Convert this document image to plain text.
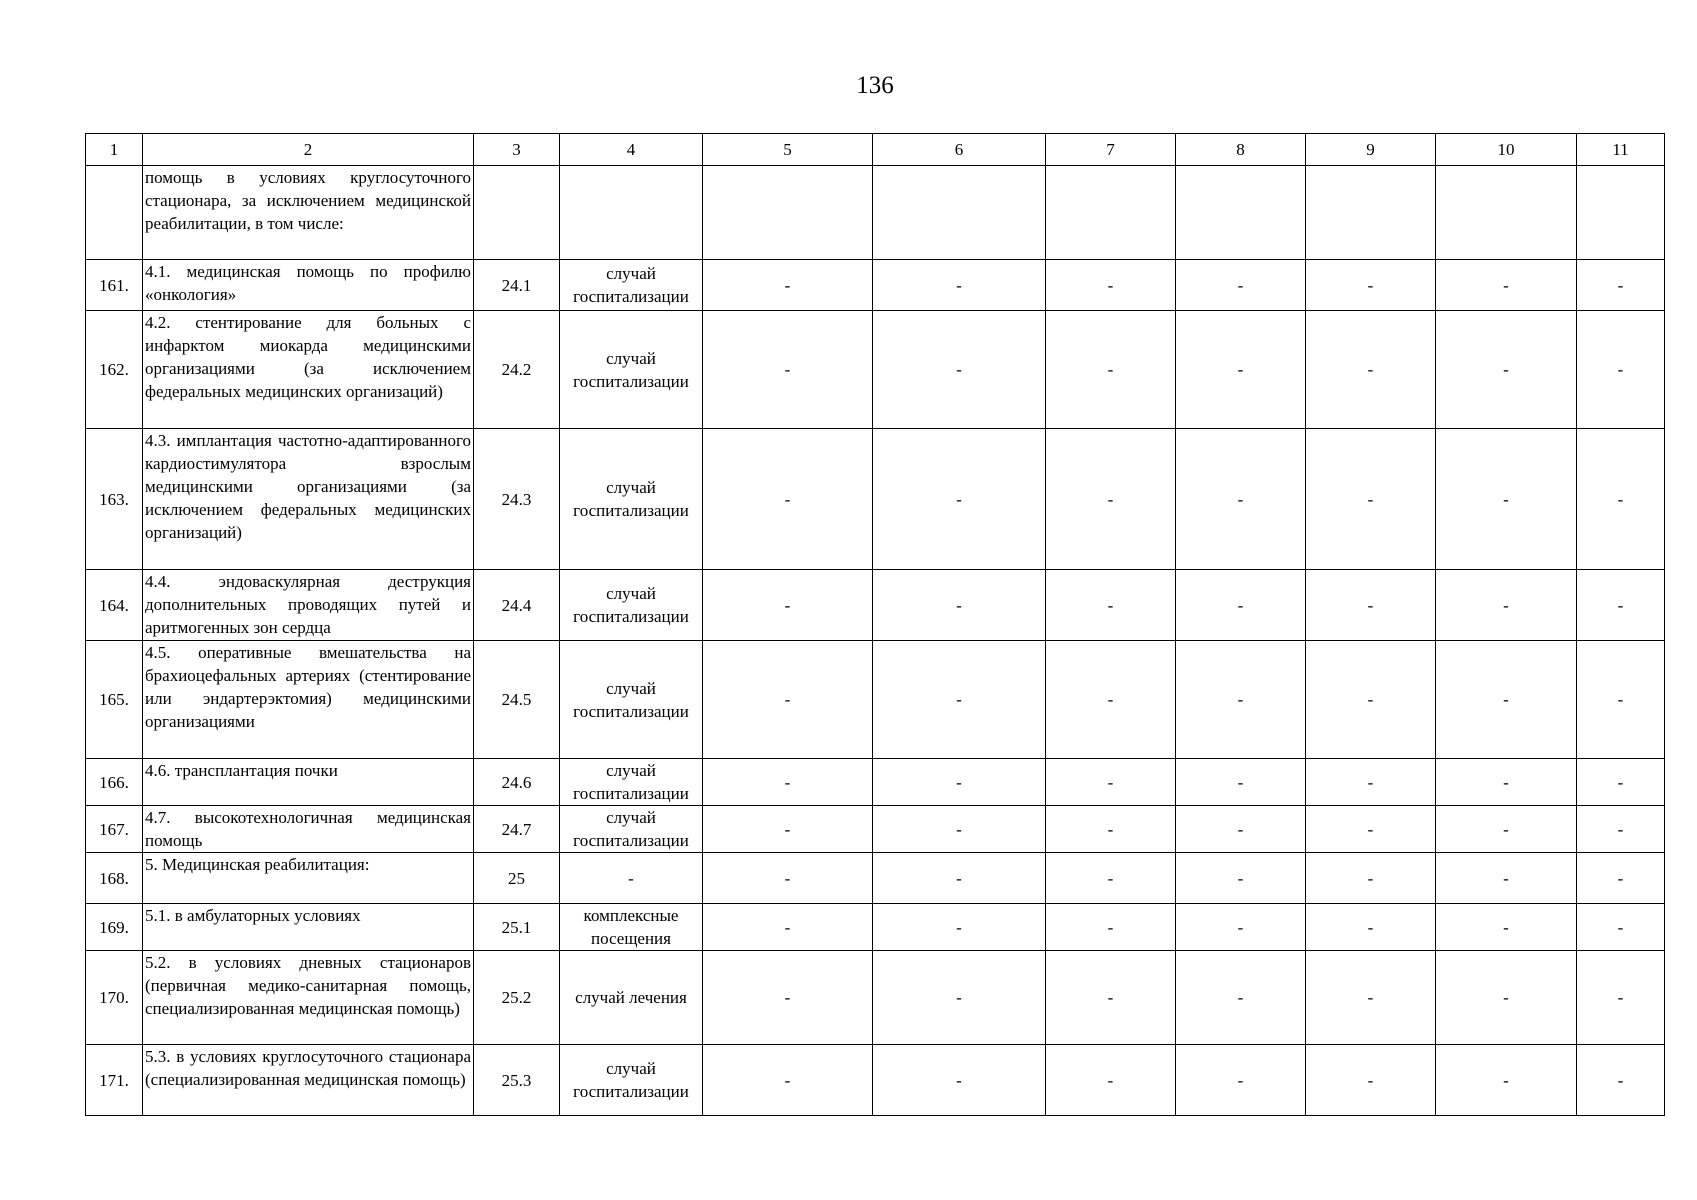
136
1	2	3	4	5	6	7	8	9	10	11
	помощь в условиях круглосуточного стационара, за исключением медицинской реабилитации, в том числе:									
161.	4.1. медицинская помощь по профилю «онкология»	24.1	случай госпитализации	-	-	-	-	-	-	-
162.	4.2. стентирование для больных с инфарктом миокарда медицинскими организациями (за исключением федеральных медицинских организаций)	24.2	случай госпитализации	-	-	-	-	-	-	-
163.	4.3. имплантация частотно-адаптированного кардиостимулятора взрослым медицинскими организациями (за исключением федеральных медицинских организаций)	24.3	случай госпитализации	-	-	-	-	-	-	-
164.	4.4. эндоваскулярная деструкция дополнительных проводящих путей и аритмогенных зон сердца	24.4	случай госпитализации	-	-	-	-	-	-	-
165.	4.5. оперативные вмешательства на брахиоцефальных артериях (стентирование или эндартерэктомия) медицинскими организациями	24.5	случай госпитализации	-	-	-	-	-	-	-
166.	4.6. трансплантация почки	24.6	случай госпитализации	-	-	-	-	-	-	-
167.	4.7. высокотехнологичная медицинская помощь	24.7	случай госпитализации	-	-	-	-	-	-	-
168.	5. Медицинская реабилитация:	25	-	-	-	-	-	-	-	-
169.	5.1. в амбулаторных условиях	25.1	комплексные посещения	-	-	-	-	-	-	-
170.	5.2. в условиях дневных стационаров (первичная медико-санитарная помощь, специализированная медицинская помощь)	25.2	случай лечения	-	-	-	-	-	-	-
171.	5.3. в условиях круглосуточного стационара (специализированная медицинская помощь)	25.3	случай госпитализации	-	-	-	-	-	-	-
